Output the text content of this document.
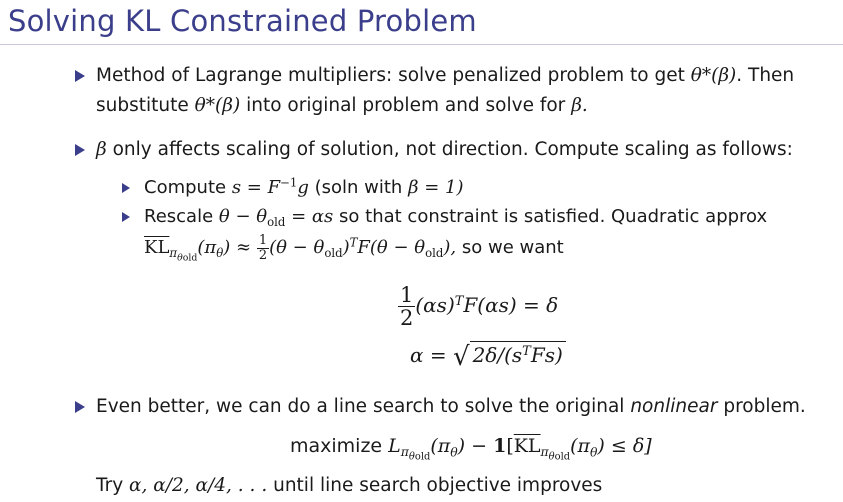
Solving KL Constrained Problem
Method of Lagrange multipliers: solve penalized problem to get θ*(β). Then
substitute θ*(β) into original problem and solve for β.
β only affects scaling of solution, not direction. Compute scaling as follows:
Compute $s = F^{-1}g$ (soln with β = 1)
Rescale $\theta - \theta_{old} = \alpha s$ so that constraint is satisfied. Quadratic approx
$\overline{KL}_{\pi_{\theta old}}(\pi_\theta) \approx \frac{1}{2} (\theta - \theta_{old})^TF(\theta - \theta_{old})$, so we want
$\frac{1}{2} (\alpha s)^TF(\alpha s) = \delta$
α = √ $2\delta/(s^TFs)$
Even better, we can do a line search to solve the original nonlinear problem.
maximize $L_{\pi_{\theta old}}(\pi_\theta) - 1[\overline{KL}_{\pi_{\theta old}}(\pi_\theta) \le \delta]$
Try α, α/2, α/4, . . . until line search objective improves
